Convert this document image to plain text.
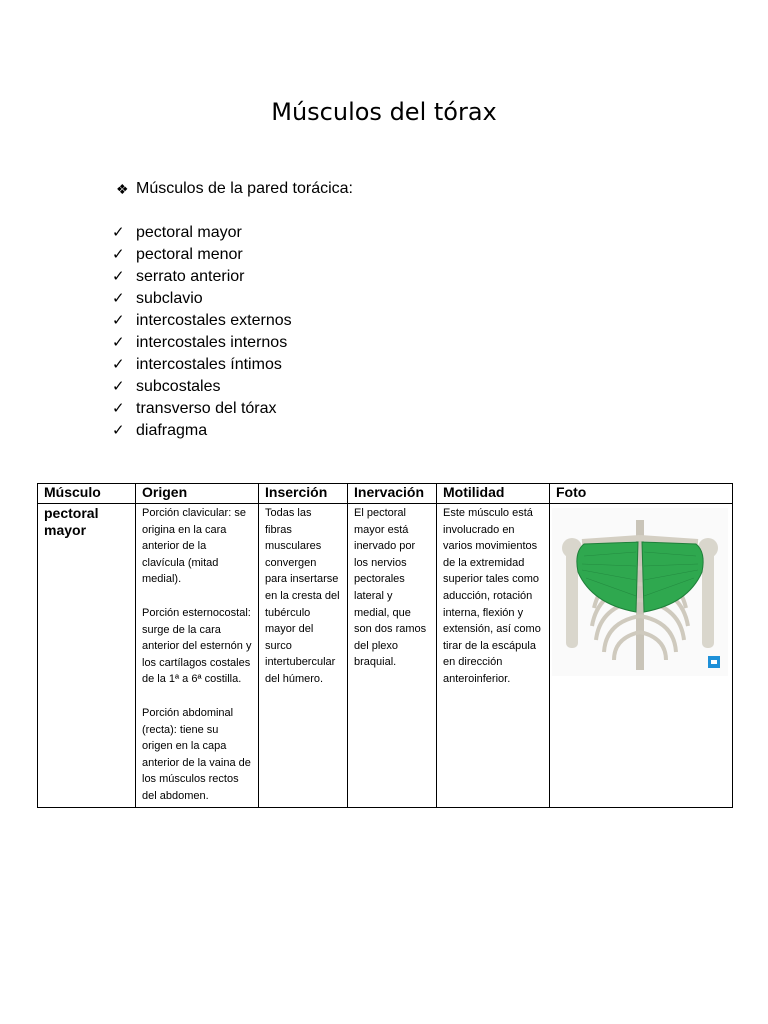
Músculos del tórax
❖ Músculos de la pared torácica:
✓ pectoral mayor
✓ pectoral menor
✓ serrato anterior
✓ subclavio
✓ intercostales externos
✓ intercostales internos
✓ intercostales íntimos
✓ subcostales
✓ transverso del tórax
✓ diafragma
Músculo	Origen	Inserción	Inervación	Motilidad	Foto
pectoral mayor	Porción clavicular: se origina en la cara anterior de la clavícula (mitad medial).
Porción esternocostal: surge de la cara anterior del esternón y los cartílagos costales de la 1ª a 6ª costilla.
Porción abdominal (recta): tiene su origen en la capa anterior de la vaina de los músculos rectos del abdomen.	Todas las fibras musculares convergen para insertarse en la cresta del tubérculo mayor del surco intertubercular del húmero.	El pectoral mayor está inervado por los nervios pectorales lateral y medial, que son dos ramos del plexo braquial.	Este músculo está involucrado en varios movimientos de la extremidad superior tales como aducción, rotación interna, flexión y extensión, así como tirar de la escápula en dirección anteroinferior.	
